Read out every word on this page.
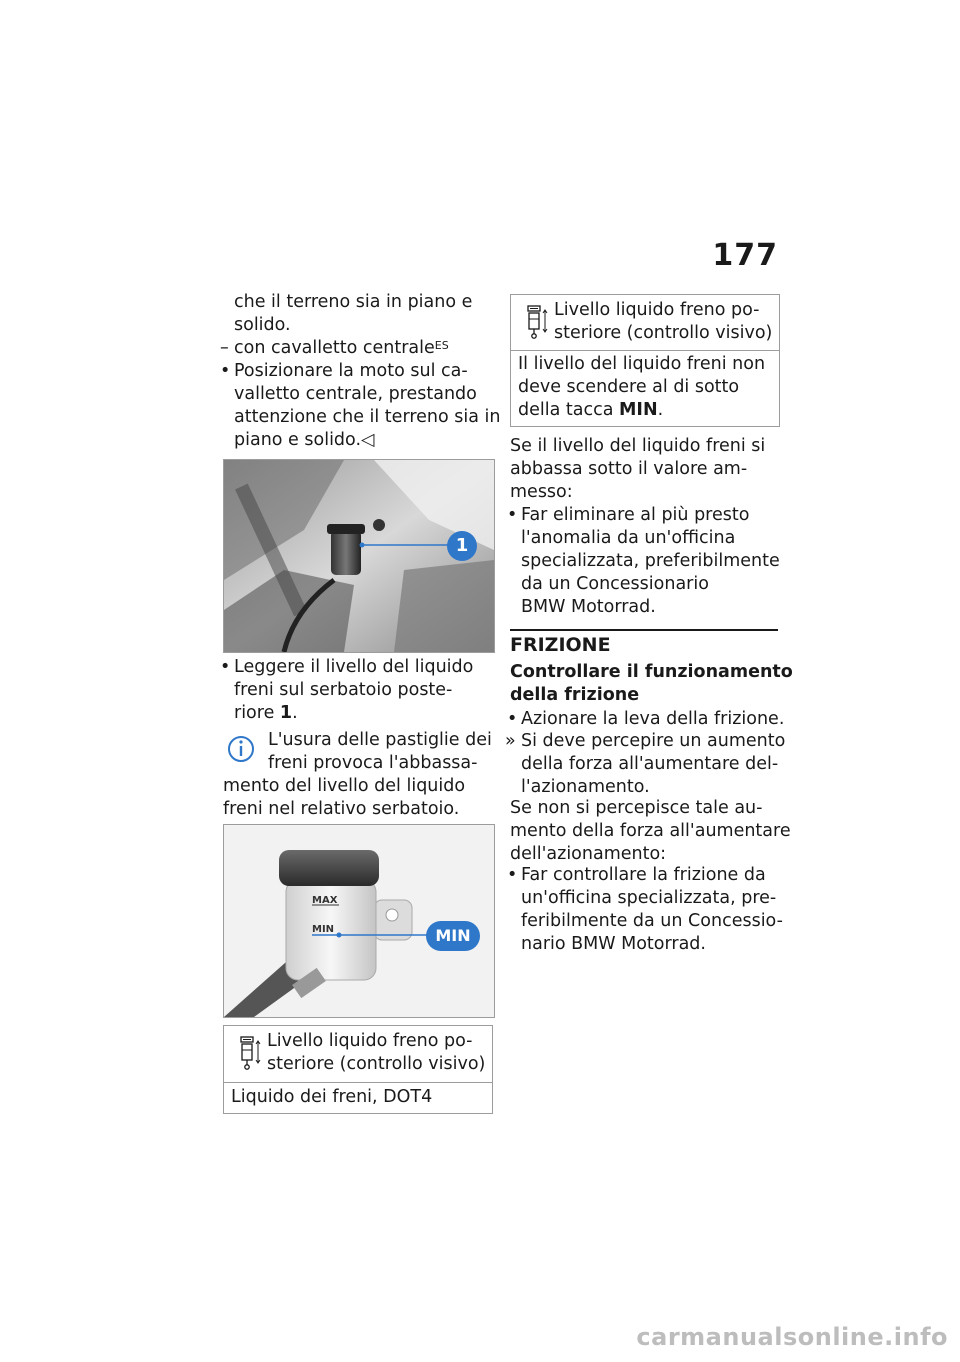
177
che il terreno sia in piano e
solido.
– con cavalletto centrale$^{ES}$
• Posizionare la moto sul ca-
valletto centrale, prestando
attenzione che il terreno sia in
piano e solido.◁
1
• Leggere il livello del liquido
freni sul serbatoio poste-
riore 1.
L'usura delle pastiglie dei
freni provoca l'abbassa-
mento del livello del liquido
freni nel relativo serbatoio.
MAX
MIN	MIN
Livello liquido freno po-
steriore (controllo visivo)
Liquido dei freni, DOT4
Livello liquido freno po-
steriore (controllo visivo)
Il livello del liquido freni non
deve scendere al di sotto
della tacca MIN.
Se il livello del liquido freni si
abbassa sotto il valore am-
messo:
• Far eliminare al più presto
l'anomalia da un'officina
specializzata, preferibilmente
da un Concessionario
BMW Motorrad.
FRIZIONE
Controllare il funzionamento
della frizione
• Azionare la leva della frizione.
» Si deve percepire un aumento
della forza all'aumentare del-
l'azionamento.
Se non si percepisce tale au-
mento della forza all'aumentare
dell'azionamento:
• Far controllare la frizione da
un'officina specializzata, pre-
feribilmente da un Concessio-
nario BMW Motorrad.
carmanualsonline.info
